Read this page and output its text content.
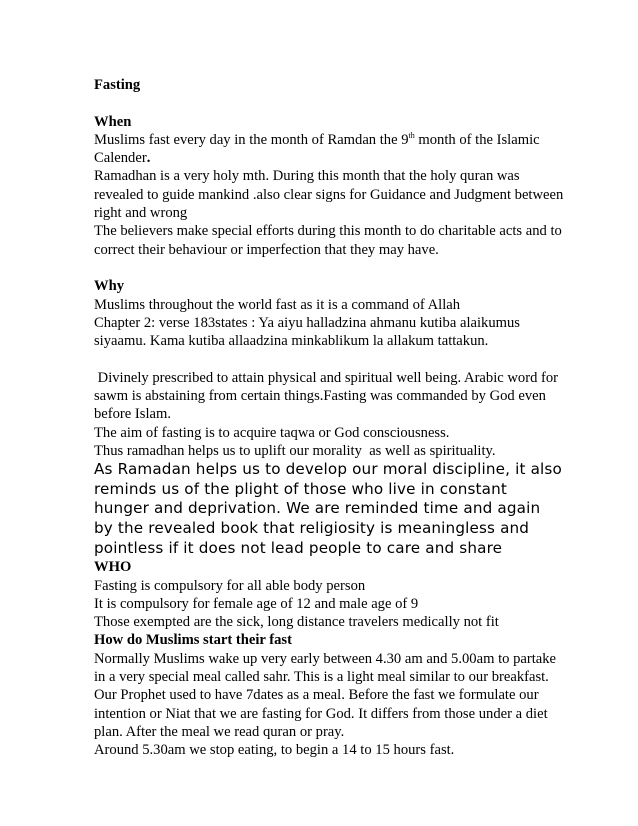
Fasting

When

Muslims fast every day in the month of Ramdan the 9th month of the Islamic Calender.

Ramadhan is a very holy mth. During this month that the holy quran was revealed to guide mankind .also clear signs for Guidance and Judgment between right and wrong

The believers make special efforts during this month to do charitable acts and to correct their behaviour or imperfection that they may have.

Why

Muslims throughout the world fast as it is a command of Allah

Chapter 2: verse 183states : Ya aiyu halladzina ahmanu kutiba alaikumus siyaamu. Kama kutiba allaadzina minkablikum la allakum tattakun.

Divinely prescribed to attain physical and spiritual well being. Arabic word for sawm is abstaining from certain things.Fasting was commanded by God even before Islam.

The aim of fasting is to acquire taqwa or God consciousness.

Thus ramadhan helps us to uplift our morality  as well as spirituality.

As Ramadan helps us to develop our moral discipline, it also reminds us of the plight of those who live in constant hunger and deprivation. We are reminded time and again by the revealed book that religiosity is meaningless and pointless if it does not lead people to care and share

WHO

Fasting is compulsory for all able body person

It is compulsory for female age of 12 and male age of 9

Those exempted are the sick, long distance travelers medically not fit

How do Muslims start their fast

Normally Muslims wake up very early between 4.30 am and 5.00am to partake in a very special meal called sahr. This is a light meal similar to our breakfast. Our Prophet used to have 7dates as a meal. Before the fast we formulate our intention or Niat that we are fasting for God. It differs from those under a diet plan. After the meal we read quran or pray.

Around 5.30am we stop eating, to begin a 14 to 15 hours fast.
